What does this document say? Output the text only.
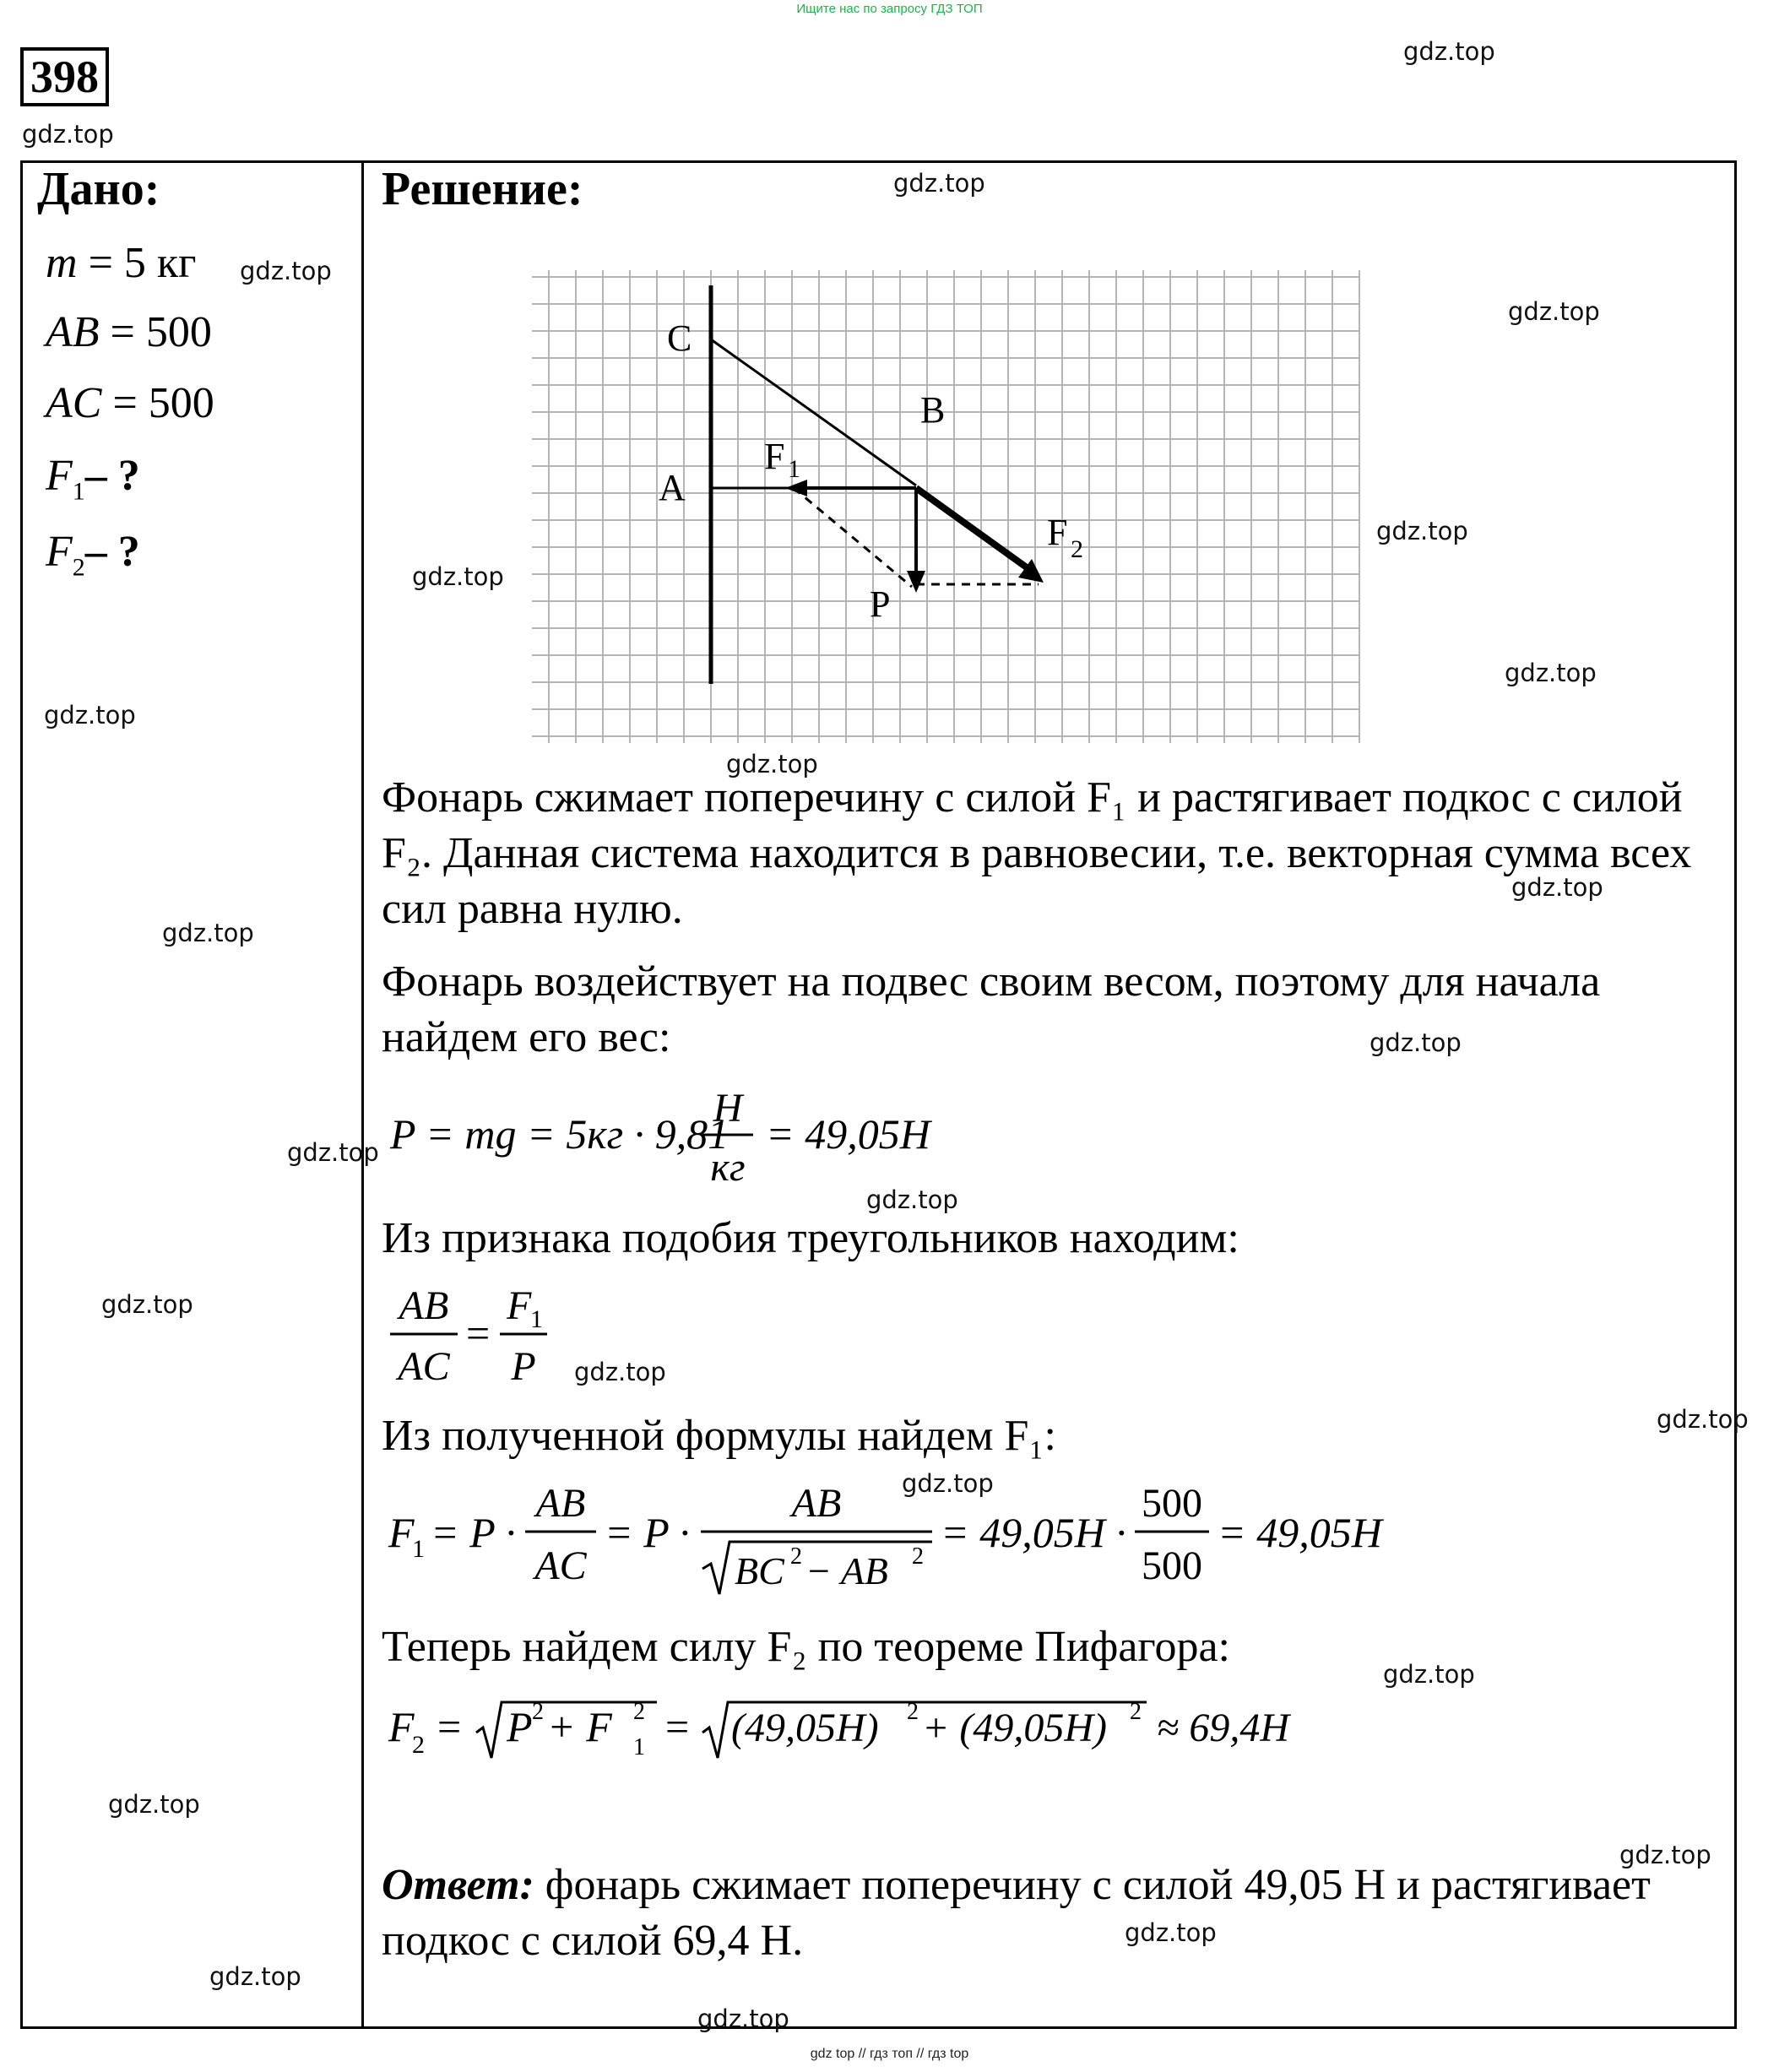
Ищите нас по запросу ГДЗ ТОП
398
Дано:
m = 5 кг
AB = 500
AC = 500
$F_1-$ ?
$F_2-$ ?
Решение:
C
B
A
F 1
F 2
P
Фонарь сжимает поперечину с силой F₁ и растягивает подкос с силой F₂. Данная система находится в равновесии, т.е. векторная сумма всех сил равна нулю.
Фонарь воздействует на подвес своим весом, поэтому для начала найдем его вес:
P = mg = 5кг · 9,81
H
кг
= 49,05H
Из признака подобия треугольников находим:
AB
AC
=
F
1
P
Из полученной формулы найдем F₁:
F
1 = P ·
AB
AC
= P ·
AB
BC 2 − AB 2
= 49,05H ·
500
500
= 49,05H
Теперь найдем силу F₂ по теореме Пифагора:
F
2 = P 2 + F 2
1 = (49,05H) 2 + (49,05H) 2 ≈ 69,4H
Ответ: фонарь сжимает поперечину с силой 49,05 Н и растягивает подкос с силой 69,4 Н.
gdz.top
gdz.top
gdz.top
gdz.top
gdz.top
gdz.top
gdz.top
gdz.top
gdz.top
gdz.top
gdz.top
gdz.top
gdz.top
gdz.top
gdz.top
gdz.top
gdz.top
gdz.top
gdz.top
gdz.top
gdz.top
gdz.top
gdz.top
gdz.top
gdz.top
gdz top // гдз топ // гдз top
